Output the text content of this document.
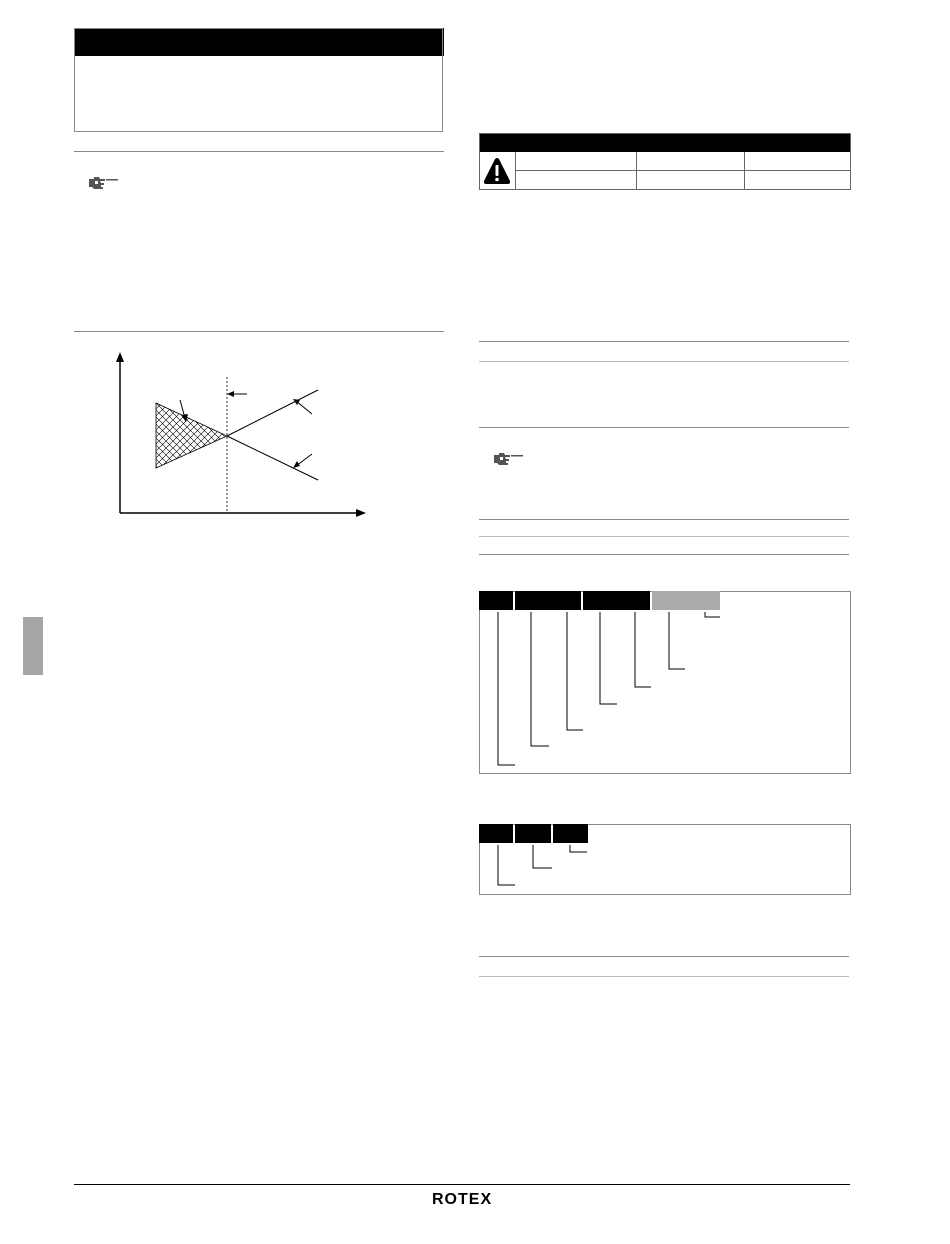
ROTEX
